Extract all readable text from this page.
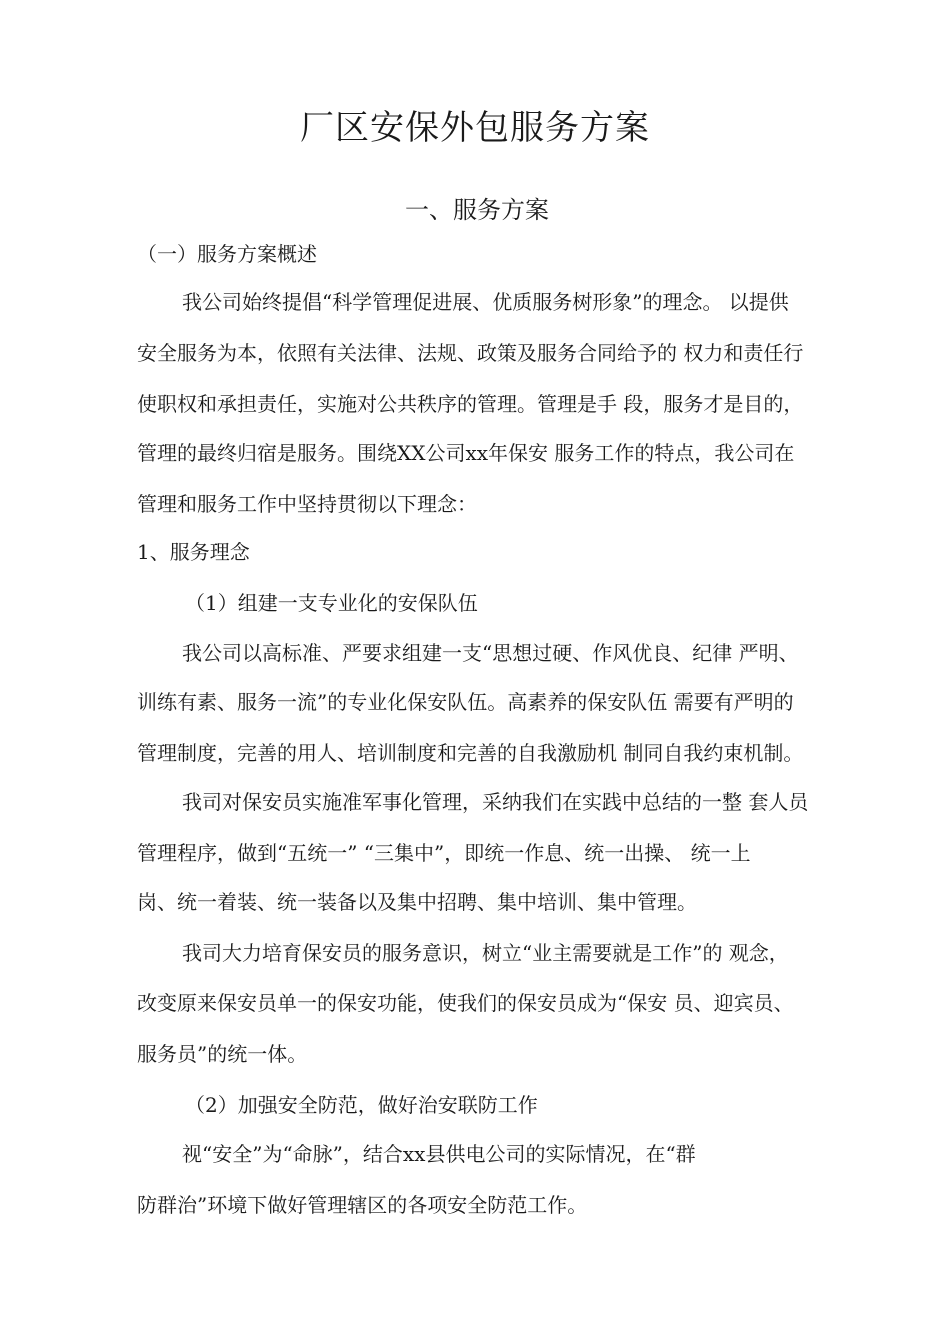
厂区安保外包服务方案
一、服务方案

（一）服务方案概述

我公司始终提倡“科学管理促进展、优质服务树形象”的理念。 以提供

安全服务为本，依照有关法律、法规、政策及服务合同给予的 权力和责任行

使职权和承担责任，实施对公共秩序的管理。管理是手 段，服务才是目的，

管理的最终归宿是服务。围绕XX公司xx年保安 服务工作的特点，我公司在

管理和服务工作中坚持贯彻以下理念：

1、服务理念

（1）组建一支专业化的安保队伍

我公司以高标准、严要求组建一支“思想过硬、作风优良、纪律 严明、

训练有素、服务一流”的专业化保安队伍。高素养的保安队伍 需要有严明的

管理制度，完善的用人、培训制度和完善的自我激励机 制同自我约束机制。

我司对保安员实施准军事化管理，采纳我们在实践中总结的一整 套人员

管理程序，做到“五统一” “三集中”，即统一作息、统一出操、 统一上

岗、统一着装、统一装备以及集中招聘、集中培训、集中管理。

我司大力培育保安员的服务意识，树立“业主需要就是工作”的 观念，

改变原来保安员单一的保安功能，使我们的保安员成为“保安 员、迎宾员、

服务员”的统一体。

（2）加强安全防范，做好治安联防工作

视“安全”为“命脉”，结合xx县供电公司的实际情况，在“群

防群治”环境下做好管理辖区的各项安全防范工作。
